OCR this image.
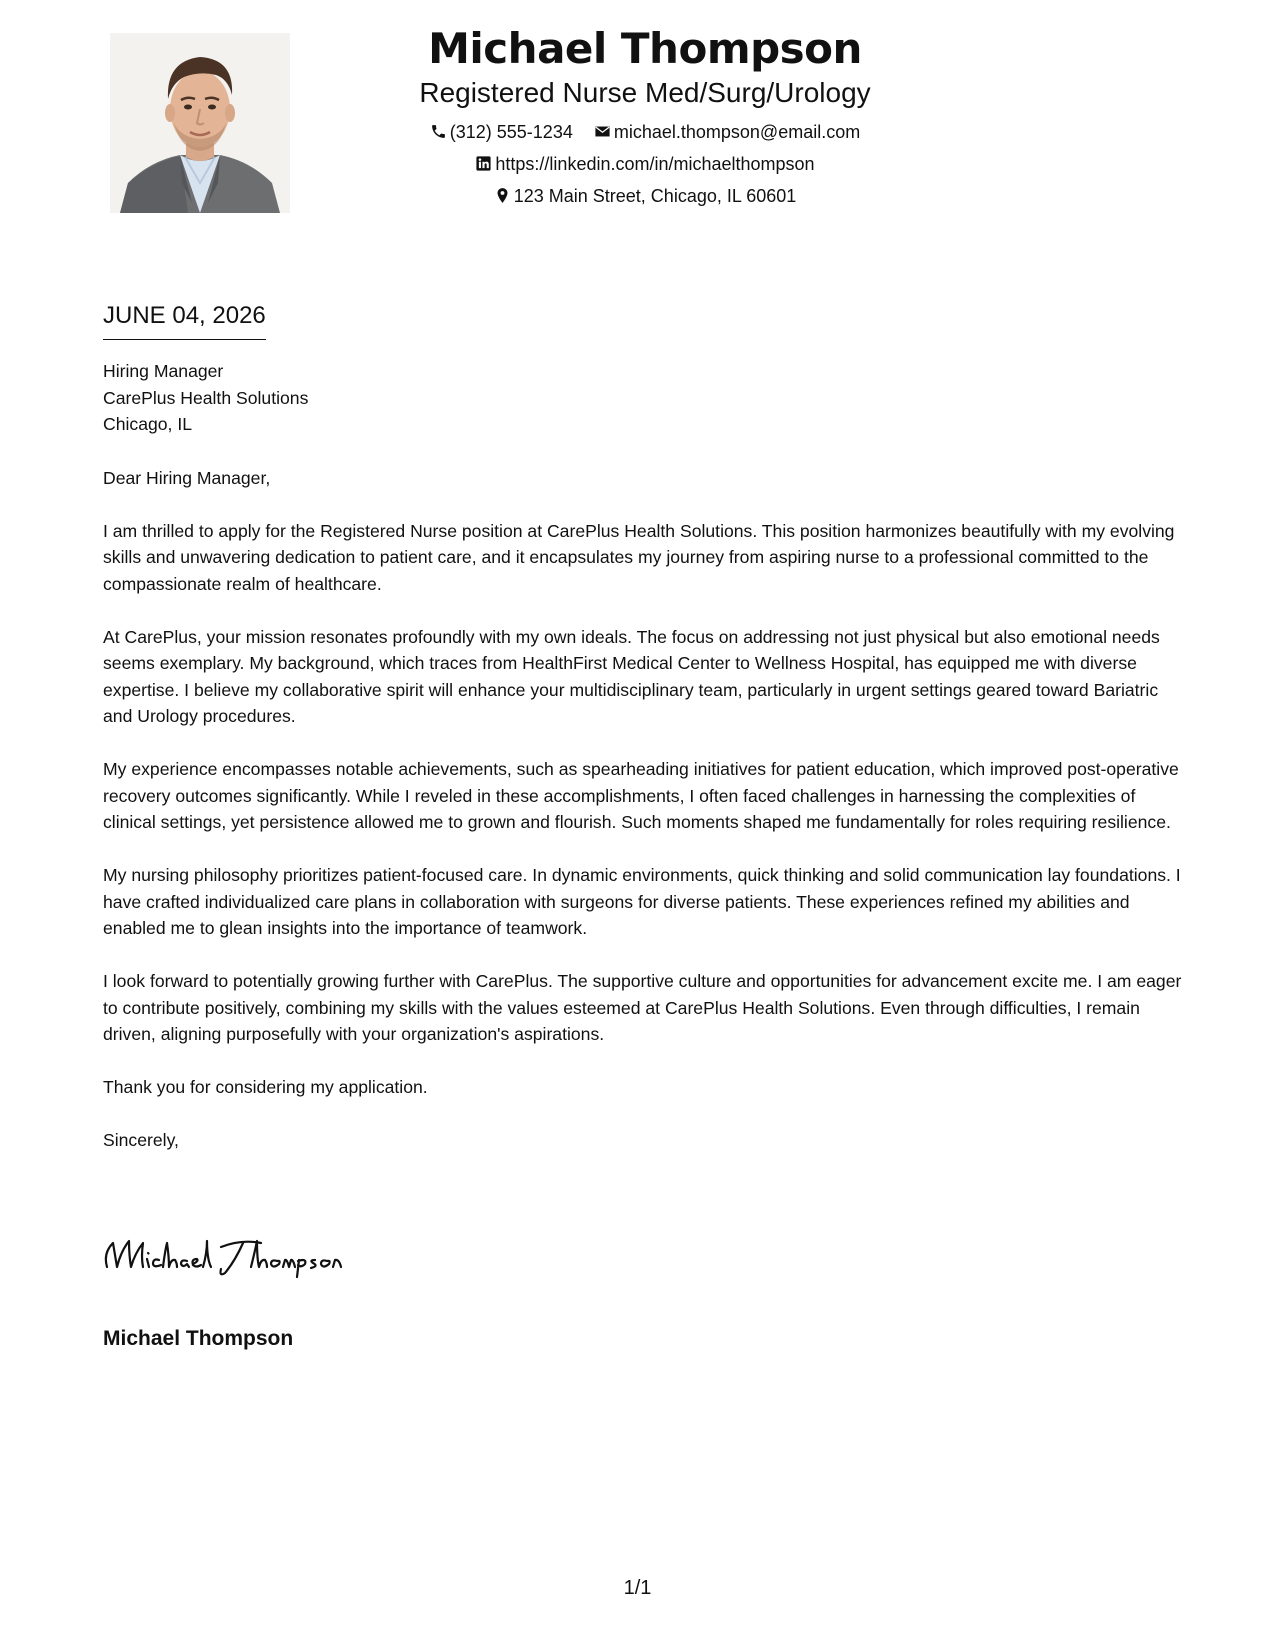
Michael Thompson
Registered Nurse Med/Surg/Urology
(312) 555-1234 michael.thompson@email.com
https://linkedin.com/in/michaelthompson
123 Main Street, Chicago, IL 60601
JUNE 04, 2026

Hiring Manager

CarePlus Health Solutions

Chicago, IL

Dear Hiring Manager,

I am thrilled to apply for the Registered Nurse position at CarePlus Health Solutions. This position harmonizes beautifully with my evolving skills and unwavering dedication to patient care, and it encapsulates my journey from aspiring nurse to a professional committed to the compassionate realm of healthcare.

At CarePlus, your mission resonates profoundly with my own ideals. The focus on addressing not just physical but also emotional needs seems exemplary. My background, which traces from HealthFirst Medical Center to Wellness Hospital, has equipped me with diverse expertise. I believe my collaborative spirit will enhance your multidisciplinary team, particularly in urgent settings geared toward Bariatric and Urology procedures.

My experience encompasses notable achievements, such as spearheading initiatives for patient education, which improved post-operative recovery outcomes significantly. While I reveled in these accomplishments, I often faced challenges in harnessing the complexities of clinical settings, yet persistence allowed me to grown and flourish. Such moments shaped me fundamentally for roles requiring resilience.

My nursing philosophy prioritizes patient-focused care. In dynamic environments, quick thinking and solid communication lay foundations. I have crafted individualized care plans in collaboration with surgeons for diverse patients. These experiences refined my abilities and enabled me to glean insights into the importance of teamwork.

I look forward to potentially growing further with CarePlus. The supportive culture and opportunities for advancement excite me. I am eager to contribute positively, combining my skills with the values esteemed at CarePlus Health Solutions. Even through difficulties, I remain driven, aligning purposefully with your organization's aspirations.

Thank you for considering my application.

Sincerely,

Michael Thompson
1/1
